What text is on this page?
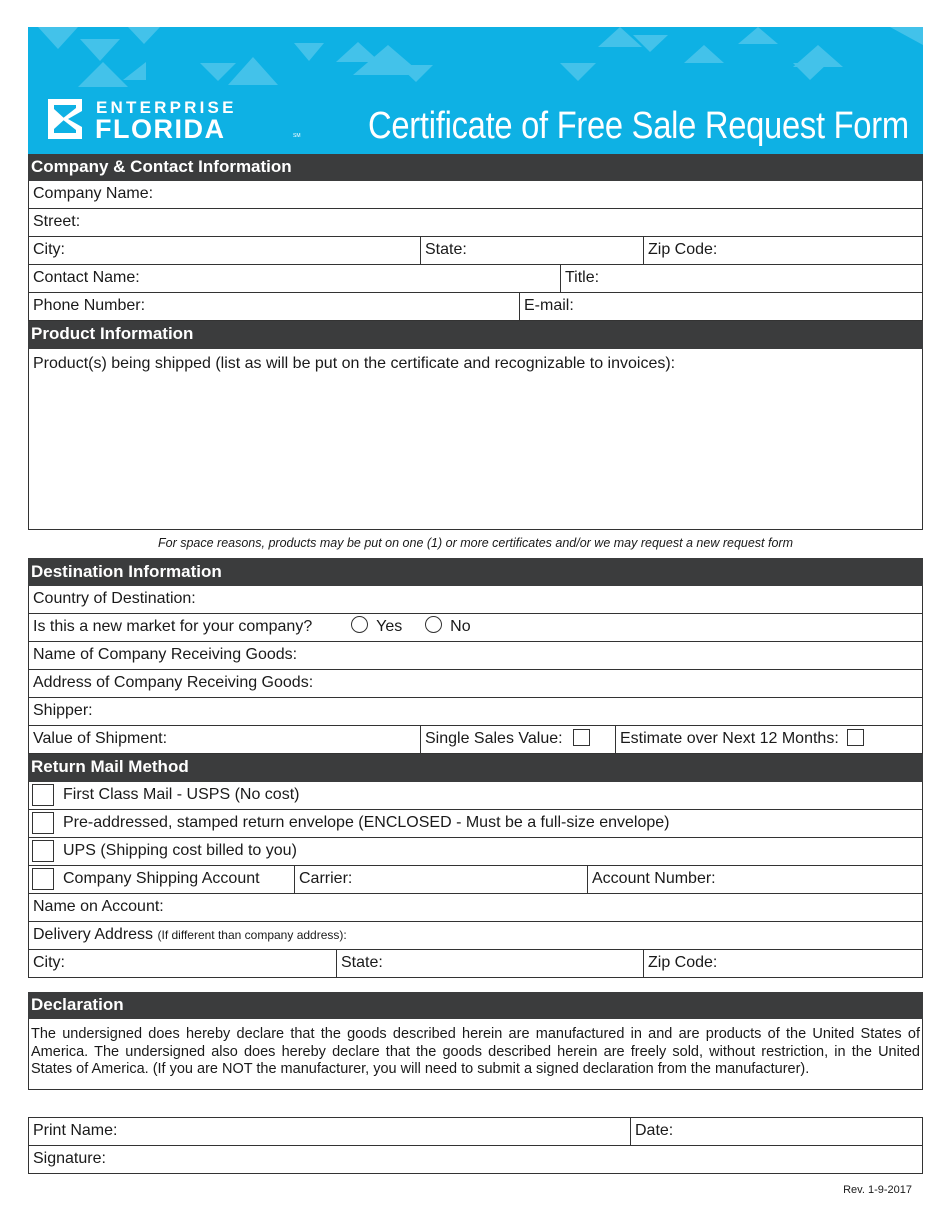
ENTERPRISE
FLORIDA	SM Certificate of Free Sale Request Form
Company & Contact Information
Company Name:
Street:
City:	State:	Zip Code:
Contact Name:	Title:
Phone Number:	E-mail:
Product Information
Product(s) being shipped (list as will be put on the certificate and recognizable to invoices):
For space reasons, products may be put on one (1) or more certificates and/or we may request a new request form
Destination Information
Country of Destination:
Is this a new market for your company?	Yes	No
Name of Company Receiving Goods:
Address of Company Receiving Goods:
Shipper:
Value of Shipment:	Single Sales Value:	Estimate over Next 12 Months:
Return Mail Method
First Class Mail - USPS (No cost)
Pre-addressed, stamped return envelope (ENCLOSED - Must be a full-size envelope)
UPS (Shipping cost billed to you)
Company Shipping Account	Carrier:	Account Number:
Name on Account:
Delivery Address (If different than company address):
City:	State:	Zip Code:
Declaration
The undersigned does hereby declare that the goods described herein are manufactured in and are products of the United States of America. The undersigned also does hereby declare that the goods described herein are freely sold, without restriction, in the United States of America. (If you are NOT the manufacturer, you will need to submit a signed declaration from the manufacturer).
Print Name:	Date:
Signature:
Rev. 1-9-2017
